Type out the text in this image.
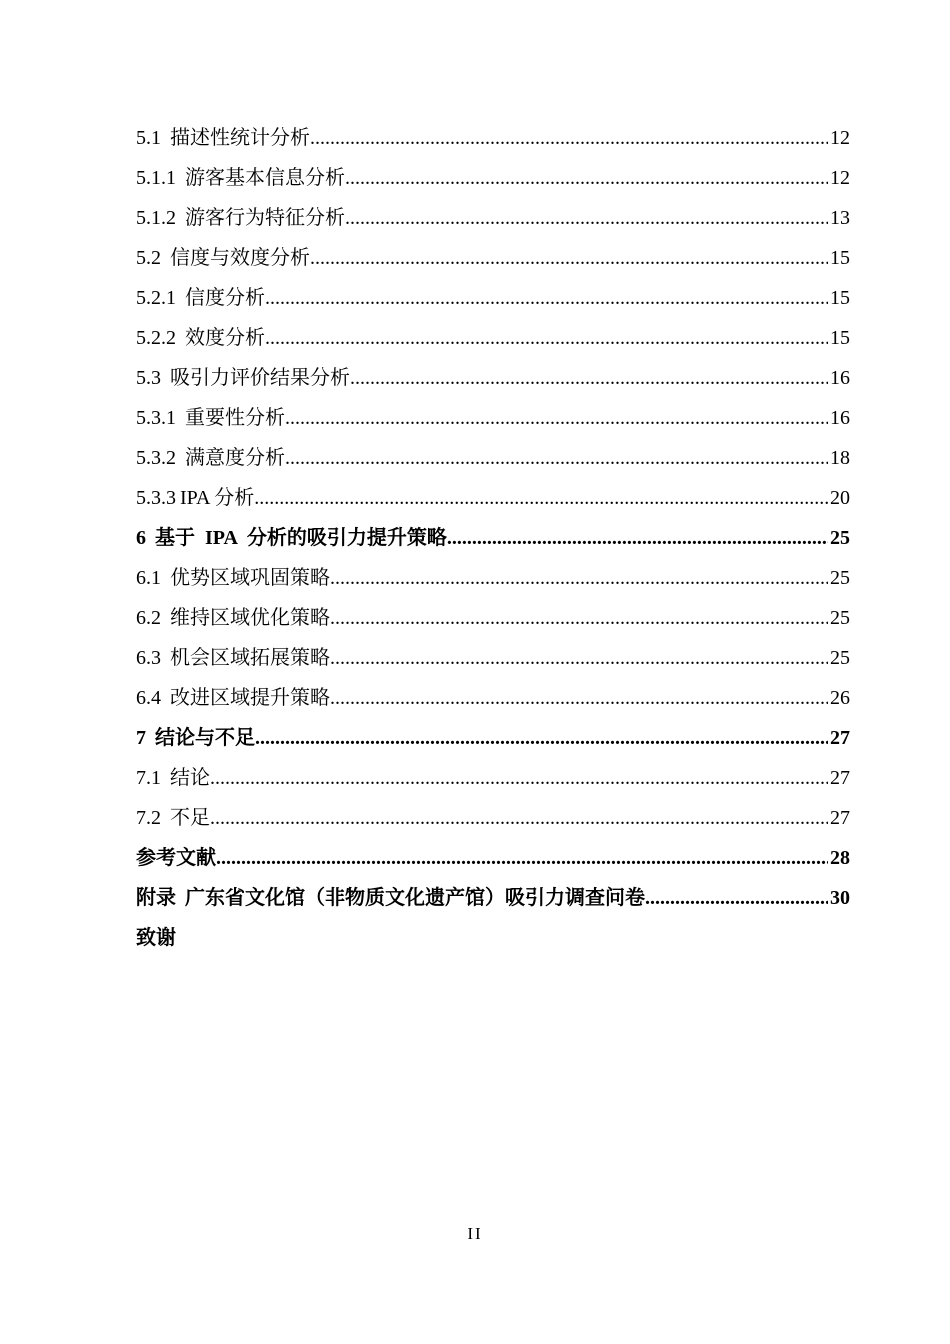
5.1 描述性统计分析 .....	12
5.1.1 游客基本信息分析 .....	12
5.1.2 游客行为特征分析 .....	13
5.2 信度与效度分析 .....	15
5.2.1 信度分析 .....	15
5.2.2 效度分析 .....	15
5.3 吸引力评价结果分析 .....	16
5.3.1 重要性分析 .....	16
5.3.2 满意度分析 .....	18
5.3.3 IPA 分析 .....	20
6 基于  IPA  分析的吸引力提升策略 .....	25
6.1 优势区域巩固策略 .....	25
6.2 维持区域优化策略 .....	25
6.3 机会区域拓展策略 .....	25
6.4 改进区域提升策略 .....	26
7 结论与不足 .....	27
7.1 结论 .....	27
7.2 不足 .....	27
参考文献 .....	28
附录 广东省文化馆（非物质文化遗产馆）吸引力调查问卷 .....	30
致谢
II
